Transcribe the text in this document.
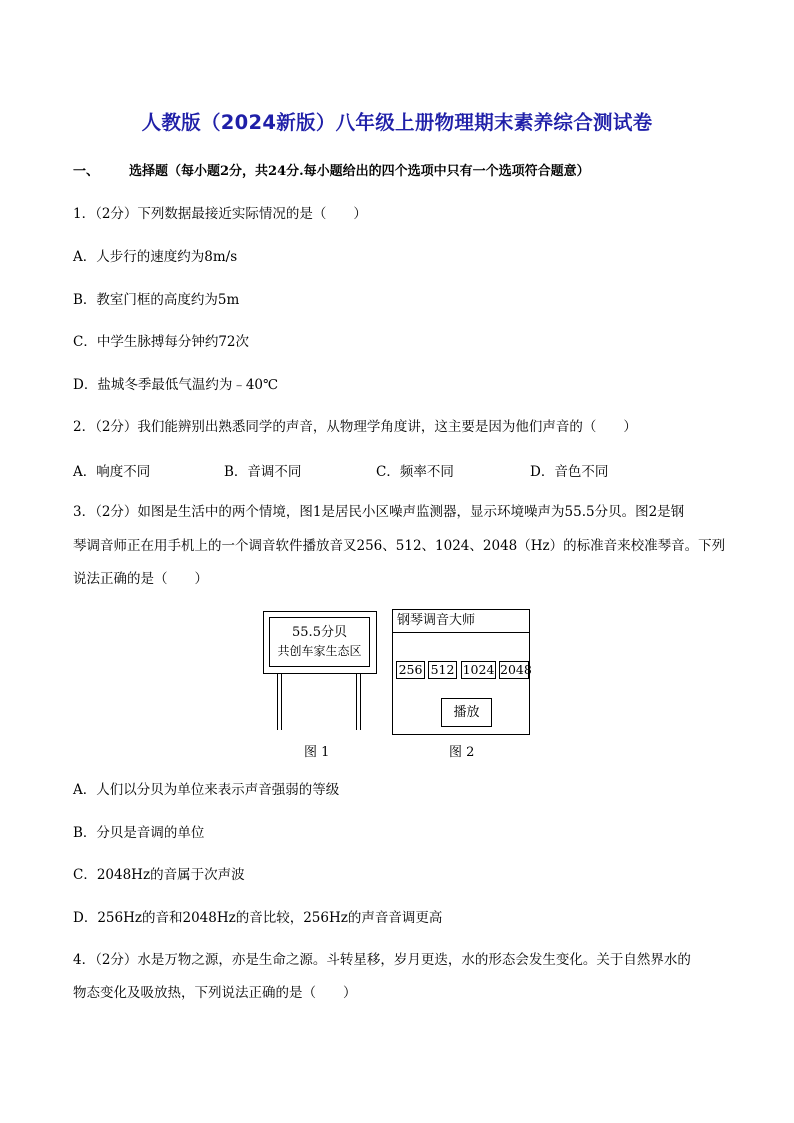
人教版（2024新版）八年级上册物理期末素养综合测试卷
一、 选择题（每小题2分，共24分.每小题给出的四个选项中只有一个选项符合题意）
1．（2分）下列数据最接近实际情况的是（　　）
A．人步行的速度约为8m/s
B．教室门框的高度约为5m
C．中学生脉搏每分钟约72次
D．盐城冬季最低气温约为﹣40℃
2．（2分）我们能辨别出熟悉同学的声音，从物理学角度讲，这主要是因为他们声音的（　　）
A．响度不同	B．音调不同	C．频率不同	D．音色不同
3．（2分）如图是生活中的两个情境，图1是居民小区噪声监测器，显示环境噪声为55.5分贝。图2是钢
琴调音师正在用手机上的一个调音软件播放音叉256、512、1024、2048（Hz）的标准音来校准琴音。下列
说法正确的是（　　）
55.5分贝
共创车家生态区
图 1
钢琴调音大师
256 512 1024 2048
播放
图 2
A．人们以分贝为单位来表示声音强弱的等级
B．分贝是音调的单位
C．2048Hz的音属于次声波
D．256Hz的音和2048Hz的音比较，256Hz的声音音调更高
4．（2分）水是万物之源，亦是生命之源。斗转星移，岁月更迭，水的形态会发生变化。关于自然界水的
物态变化及吸放热，下列说法正确的是（　　）
